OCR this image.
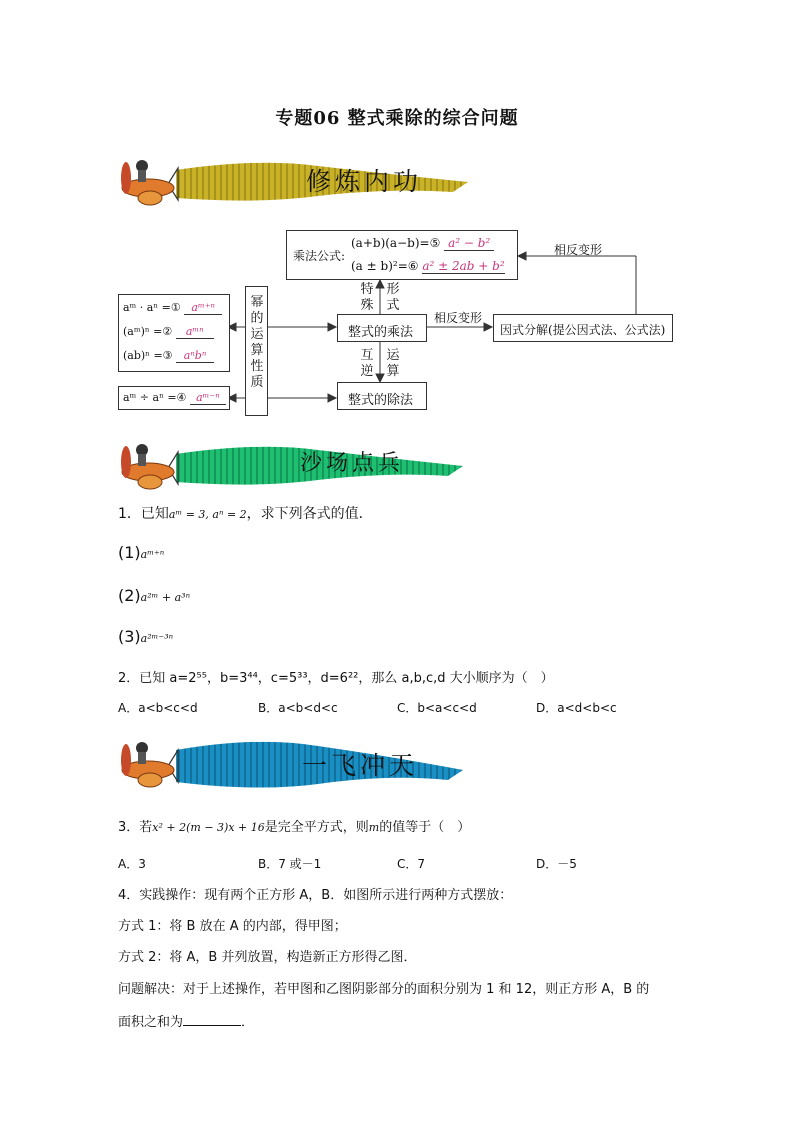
专题06 整式乘除的综合问题
修炼内功
乘法公式:
(a+b)(a−b)=⑤ a² − b²
(a ± b)²=⑥ a² ± 2ab + b²
相反变形
特
殊
形
式
相反变形
整式的乘法	因式分解(提公因式法、公式法)
互
逆
运
算
整式的除法
幂
的
运
算
性
质
aᵐ · aⁿ =① aᵐ⁺ⁿ
(aᵐ)ⁿ =② aᵐⁿ
(ab)ⁿ =③ aⁿbⁿ
aᵐ ÷ aⁿ =④ aᵐ⁻ⁿ
沙场点兵
1．已知aᵐ = 3, aⁿ = 2，求下列各式的值．
(1)aᵐ⁺ⁿ
(2)a²ᵐ + a³ⁿ
(3)a²ᵐ⁻³ⁿ
2．已知 a=2⁵⁵，b=3⁴⁴，c=5³³，d=6²²，那么 a,b,c,d 大小顺序为（　）
A．a<b<c<d	B．a<b<d<c	C．b<a<c<d	D．a<d<b<c
一飞冲天
3．若x² + 2(m − 3)x + 16是完全平方式，则m的值等于（　）
A．3	B．7 或－1	C．7	D．－5
4．实践操作：现有两个正方形 A，B．如图所示进行两种方式摆放：
方式 1：将 B 放在 A 的内部，得甲图；
方式 2：将 A，B 并列放置，构造新正方形得乙图．
问题解决：对于上述操作，若甲图和乙图阴影部分的面积分别为 1 和 12，则正方形 A，B 的
面积之和为	．
